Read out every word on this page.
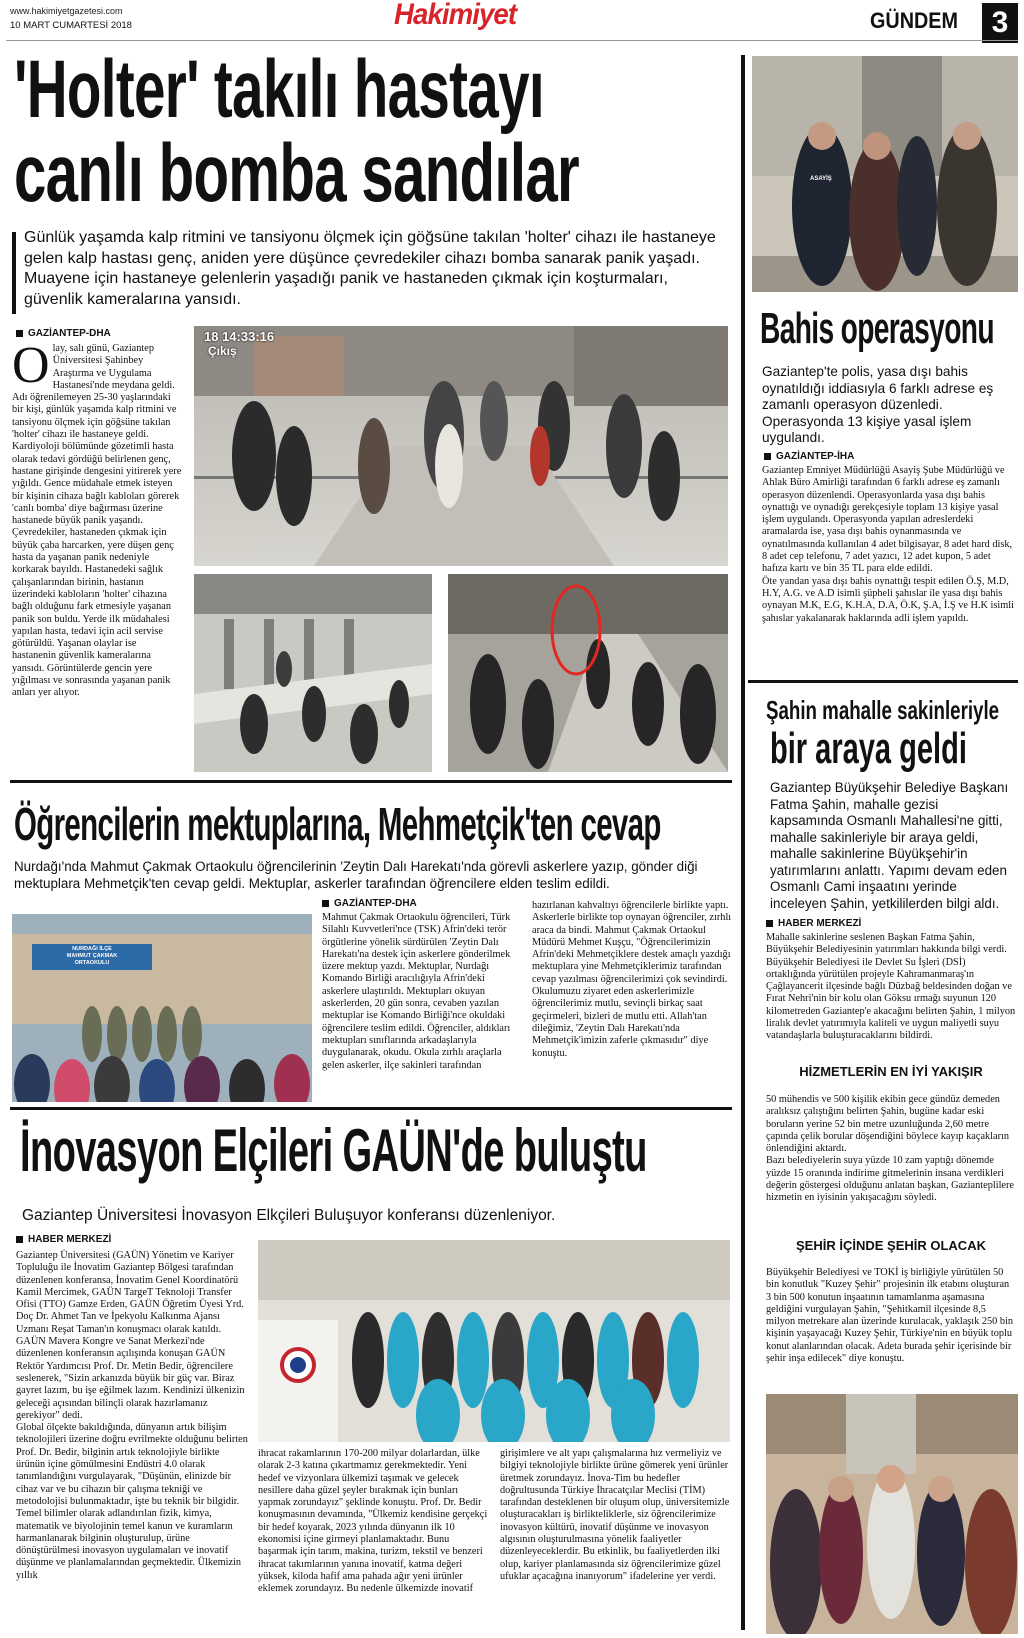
www.hakimiyetgazetesi.com
10 MART CUMARTESİ 2018	Hakimiyet	GÜNDEM 3
'Holter' takılı hastayı
canlı bomba sandılar
Günlük yaşamda kalp ritmini ve tansiyonu ölçmek için göğsüne takılan 'holter' cihazı ile hastaneye gelen kalp hastası genç, aniden yere düşünce çevredekiler cihazı bomba sanarak panik yaşadı. Muayene için hastaneye gelenlerin yaşadığı panik ve hastaneden çıkmak için koşturmaları, güvenlik kameralarına yansıdı.
GAZİANTEP-DHA
O lay, salı günü, Gaziantep Üniversitesi Şahinbey Araştırma ve Uygulama Hastanesi'nde meydana geldi. Adı öğrenilemeyen 25-30 yaşlarındaki bir kişi, günlük yaşamda kalp ritmini ve tansiyonu ölçmek için göğsüne takılan 'holter' cihazı ile hastaneye geldi. Kardiyoloji bölümünde gözetimli hasta olarak tedavi gördüğü belirlenen genç, hastane girişinde dengesini yitirerek yere yığıldı. Gence müdahale etmek isteyen bir kişinin cihaza bağlı kabloları görerek 'canlı bomba' diye bağırması üzerine hastanede büyük panik yaşandı. Çevredekiler, hastaneden çıkmak için büyük çaba harcarken, yere düşen genç hasta da yaşanan panik nedeniyle korkarak bayıldı. Hastanedeki sağlık çalışanlarından birinin, hastanın üzerindeki kabloların 'holter' cihazına bağlı olduğunu fark etmesiyle yaşanan panik son buldu. Yerde ilk müdahalesi yapılan hasta, tedavi için acil servise götürüldü. Yaşanan olaylar ise hastanenin güvenlik kameralarına yansıdı. Görüntülerde gencin yere yığılması ve sonrasında yaşanan panik anları yer alıyor.
18 14:33:16
Çıkış
ASAYİŞ
Bahis operasyonu
Gaziantep'te polis, yasa dışı bahis oynatıldığı iddiasıyla 6 farklı adrese eş zamanlı operasyon düzenledi. Operasyonda 13 kişiye yasal işlem uygulandı.
GAZİANTEP-İHA

Gaziantep Emniyet Müdürlüğü Asayiş Şube Müdürlüğü ve Ahlak Büro Amirliği tarafından 6 farklı adrese eş zamanlı operasyon düzenlendi. Operasyonlarda yasa dışı bahis oynattığı ve oynadığı gerekçesiyle toplam 13 kişiye yasal işlem uygulandı. Operasyonda yapılan adreslerdeki aramalarda ise, yasa dışı bahis oynanmasında ve oynatılmasında kullanılan 4 adet bilgisayar, 8 adet hard disk, 8 adet cep telefonu, 7 adet yazıcı, 12 adet kupon, 5 adet hafıza kartı ve bin 35 TL para elde edildi.

Öte yandan yasa dışı bahis oynattığı tespit edilen Ö.Ş, M.D, H.Y, A.G. ve A.D isimli şüpheli şahıslar ile yasa dışı bahis oynayan M.K, E.G, K.H.A, D.A, Ö.K, Ş.A, İ.Ş ve H.K isimli şahıslar yakalanarak haklarında adli işlem yapıldı.

Şahin mahalle sakinleriyle
bir araya geldi
Gaziantep Büyükşehir Belediye Başkanı Fatma Şahin, mahalle gezisi kapsamında Osmanlı Mahallesi'ne gitti, mahalle sakinleriyle bir araya geldi, mahalle sakinlerine Büyükşehir'in yatırımlarını anlattı. Yapımı devam eden Osmanlı Cami inşaatını yerinde inceleyen Şahin, yetkililerden bilgi aldı.
HABER MERKEZİ

Mahalle sakinlerine seslenen Başkan Fatma Şahin, Büyükşehir Belediyesinin yatırımları hakkında bilgi verdi. Büyükşehir Belediyesi ile Devlet Su İşleri (DSİ) ortaklığında yürütülen projeyle Kahramanmaraş'ın Çağlayancerit ilçesinde bağlı Düzbağ beldesinden doğan ve Fırat Nehri'nin bir kolu olan Göksu ırmağı suyunun 120 kilometreden Gaziantep'e akacağını belirten Şahin, 1 milyon liralık devlet yatırımıyla kaliteli ve uygun maliyetli suyu vatandaşlarla buluşturacaklarını bildirdi.

HİZMETLERİN EN İYİ YAKIŞIR

50 mühendis ve 500 kişilik ekibin gece gündüz demeden aralıksız çalıştığını belirten Şahin, bugüne kadar eski boruların yerine 52 bin metre uzunluğunda 2,60 metre çapında çelik borular döşendiğini böylece kayıp kaçakların önlendiğini aktardı.

Bazı belediyelerin suya yüzde 10 zam yaptığı dönemde yüzde 15 oranında indirime gitmelerinin insana verdikleri değerin göstergesi olduğunu anlatan başkan, Gazianteplilere hizmetin en iyisinin yakışacağını söyledi.

ŞEHİR İÇİNDE ŞEHİR OLACAK

Büyükşehir Belediyesi ve TOKİ iş birliğiyle yürütülen 50 bin konutluk "Kuzey Şehir" projesinin ilk etabını oluşturan 3 bin 500 konutun inşaatının tamamlanma aşamasına geldiğini vurgulayan Şahin, "Şehitkamil ilçesinde 8,5 milyon metrekare alan üzerinde kurulacak, yaklaşık 250 bin kişinin yaşayacağı Kuzey Şehir, Türkiye'nin en büyük toplu konut alanlarından olacak. Adeta burada şehir içerisinde bir şehir inşa edilecek" diye konuştu.

Öğrencilerin mektuplarına, Mehmetçik'ten cevap
Nurdağı'nda Mahmut Çakmak Ortaokulu öğrencilerinin 'Zeytin Dalı Harekatı'nda görevli askerlere yazıp, gönder diği mektuplara Mehmetçik'ten cevap geldi. Mektuplar, askerler tarafından öğrencilere elden teslim edildi.
NURDAĞI İLÇE
MAHMUT ÇAKMAK
ORTAOKULU
GAZİANTEP-DHA
Mahmut Çakmak Ortaokulu öğrencileri, Türk Silahlı Kuvvetleri'nce (TSK) Afrin'deki terör örgütlerine yönelik sürdürülen 'Zeytin Dalı Harekatı'na destek için askerlere gönderilmek üzere mektup yazdı. Mektuplar, Nurdağı Komando Birliği aracılığıyla Afrin'deki askerlere ulaştırıldı. Mektupları okuyan askerlerden, 20 gün sonra, cevaben yazılan mektuplar ise Komando Birliği'nce okuldaki öğrencilere teslim edildi. Öğrenciler, aldıkları mektupları sınıflarında arkadaşlarıyla duygulanarak, okudu. Okula zırhlı araçlarla gelen askerler, ilçe sakinleri tarafından
hazırlanan kahvaltıyı öğrencilerle birlikte yaptı. Askerlerle birlikte top oynayan öğrenciler, zırhlı araca da bindi. Mahmut Çakmak Ortaokul Müdürü Mehmet Kuşçu, "Öğrencilerimizin Afrin'deki Mehmetçiklere destek amaçlı yazdığı mektuplara yine Mehmetçiklerimiz tarafından cevap yazılması öğrencilerimizi çok sevindirdi. Okulumuzu ziyaret eden askerlerimizle öğrencilerimiz mutlu, sevinçli birkaç saat geçirmeleri, bizleri de mutlu etti. Allah'tan dileğimiz, 'Zeytin Dalı Harekatı'nda Mehmetçik'imizin zaferle çıkmasıdır" diye konuştu.
İnovasyon Elçileri GAÜN'de buluştu
Gaziantep Üniversitesi İnovasyon Elkçileri Buluşuyor konferansı düzenleniyor.
HABER MERKEZİ

Gaziantep Üniversitesi (GAÜN) Yönetim ve Kariyer Topluluğu ile İnovatim Gaziantep Bölgesi tarafından düzenlenen konferansa, İnovatim Genel Koordinatörü Kamil Mercimek, GAÜN TargeT Teknoloji Transfer Ofisi (TTO) Gamze Erden, GAÜN Öğretim Üyesi Yrd. Doç Dr. Ahmet Tan ve İpekyolu Kalkınma Ajansı Uzmanı Reşat Taman'ın konuşmacı olarak katıldı. GAÜN Mavera Kongre ve Sanat Merkezi'nde düzenlenen konferansın açılışında konuşan GAÜN Rektör Yardımcısı Prof. Dr. Metin Bedir, öğrencilere seslenerek, "Sizin arkanızda büyük bir güç var. Biraz gayret lazım, bu işe eğilmek lazım. Kendinizi ülkenizin geleceği açısından bilinçli olarak hazırlamanız gerekiyor" dedi.

Global ölçekte bakıldığında, dünyanın artık bilişim teknolojileri üzerine doğru evrilmekte olduğunu belirten Prof. Dr. Bedir, bilginin artık teknolojiyle birlikte ürünün içine gömülmesini Endüstri 4.0 olarak tanımlandığını vurgulayarak, "Düşünün, elinizde bir cihaz var ve bu cihazın bir çalışma tekniği ve metodolojisi bulunmaktadır, işte bu teknik bir bilgidir. Temel bilimler olarak adlandırılan fizik, kimya, matematik ve biyolojinin temel kanun ve kuramların harmanlanarak bilginin oluşturulup, ürüne dönüştürülmesi inovasyon uygulamaları ve inovatif düşünme ve planlamalarından geçmektedir. Ülkemizin yıllık

ihracat rakamlarının 170-200 milyar dolarlardan, ülke olarak 2-3 katına çıkartmamız gerekmektedir. Yeni hedef ve vizyonlara ülkemizi taşımak ve gelecek nesillere daha güzel şeyler bırakmak için bunları yapmak zorundayız" şeklinde konuştu. Prof. Dr. Bedir konuşmasının devamında, "Ülkemiz kendisine gerçekçi bir hedef koyarak, 2023 yılında dünyanın ilk 10 ekonomisi içine girmeyi planlamaktadır. Bunu başarmak için tarım, makina, turizm, tekstil ve benzeri ihracat takımlarının yanına inovatif, katma değeri yüksek, kiloda hafif ama pahada ağır yeni ürünler eklemek zorundayız. Bu nedenle ülkemizde inovatif
girişimlere ve alt yapı çalışmalarına hız vermeliyiz ve bilgiyi teknolojiyle birlikte ürüne gömerek yeni ürünler üretmek zorundayız. İnova-Tim bu hedefler doğrultusunda Türkiye İhracatçılar Meclisi (TİM) tarafından desteklenen bir oluşum olup, üniversitemizle oluşturacakları iş birlikteliklerle, siz öğrencilerimize inovasyon kültürü, inovatif düşünme ve inovasyon algısının oluşturulmasına yönelik faaliyetler düzenleyeceklerdir. Bu etkinlik, bu faaliyetlerden ilki olup, kariyer planlamasında siz öğrencilerimize güzel ufuklar açacağına inanıyorum" ifadelerine yer verdi.
